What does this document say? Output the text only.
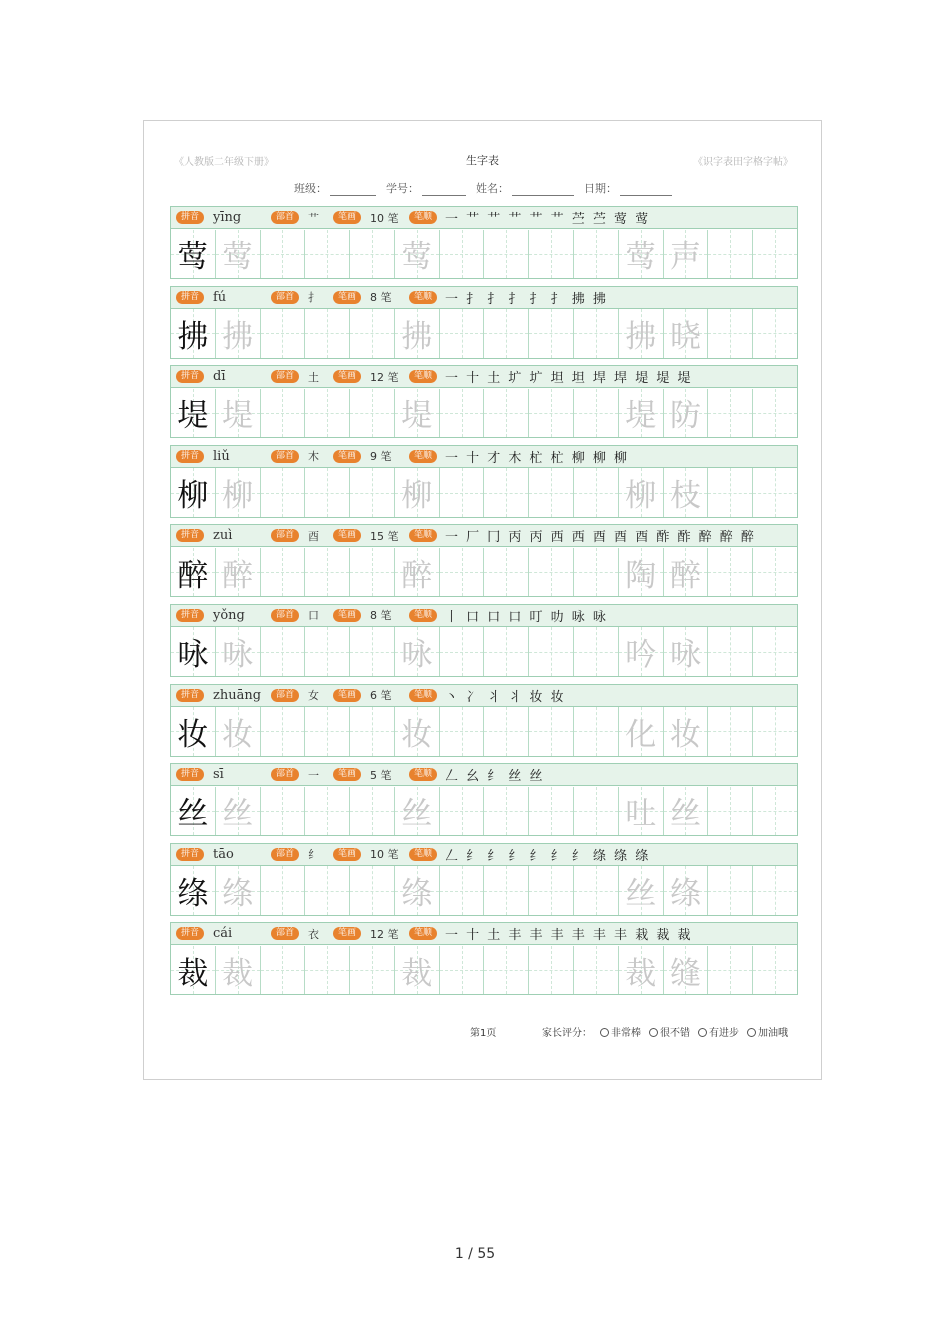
《人教版二年级下册》	生字表	《识字表田字格字帖》
班级：	学号：	姓名：	日期：
拼音	yīng	部首	艹	笔画	10 笔	笔顺 一 艹 艹 艹 艹 艹 苎 苎 莺 莺
莺 莺	莺	莺 声
拼音	fú	部首	扌	笔画	8 笔	笔顺 一 扌 扌 扌 扌 扌 拂 拂
拂 拂	拂	拂 晓
拼音	dī	部首	土	笔画	12 笔	笔顺 一 十 土 圹 圹 坦 坦 垾 垾 堤 堤 堤
堤 堤	堤	堤 防
拼音	liǔ	部首	木	笔画	9 笔	笔顺 一 十 才 木 杧 杧 柳 柳 柳
柳 柳	柳	柳 枝
拼音	zuì	部首	酉	笔画	15 笔	笔顺 一 厂 冂 丙 丙 西 西 酉 酉 酉 酢 酢 醉 醉 醉
醉 醉	醉	陶 醉
拼音	yǒng	部首	口	笔画	8 笔	笔顺 丨 口 口 口 叮 叻 咏 咏
咏 咏	咏	吟 咏
拼音	zhuāng	部首	女	笔画	6 笔	笔顺 丶 冫 丬 丬 妆 妆
妆 妆	妆	化 妆
拼音	sī	部首	一	笔画	5 笔	笔顺 𠃋 幺 纟 丝 丝
丝 丝	丝	吐 丝
拼音	tāo	部首	纟	笔画	10 笔	笔顺 𠃋 纟 纟 纟 纟 纟 纟 绦 绦 绦
绦 绦	绦	丝 绦
拼音	cái	部首	衣	笔画	12 笔	笔顺 一 十 土 丰 丰 丰 丰 丰 丰 栽 裁 裁
裁 裁	裁	裁 缝
第1页	家长评分：	非常棒	很不错	有进步	加油哦
1 / 55
